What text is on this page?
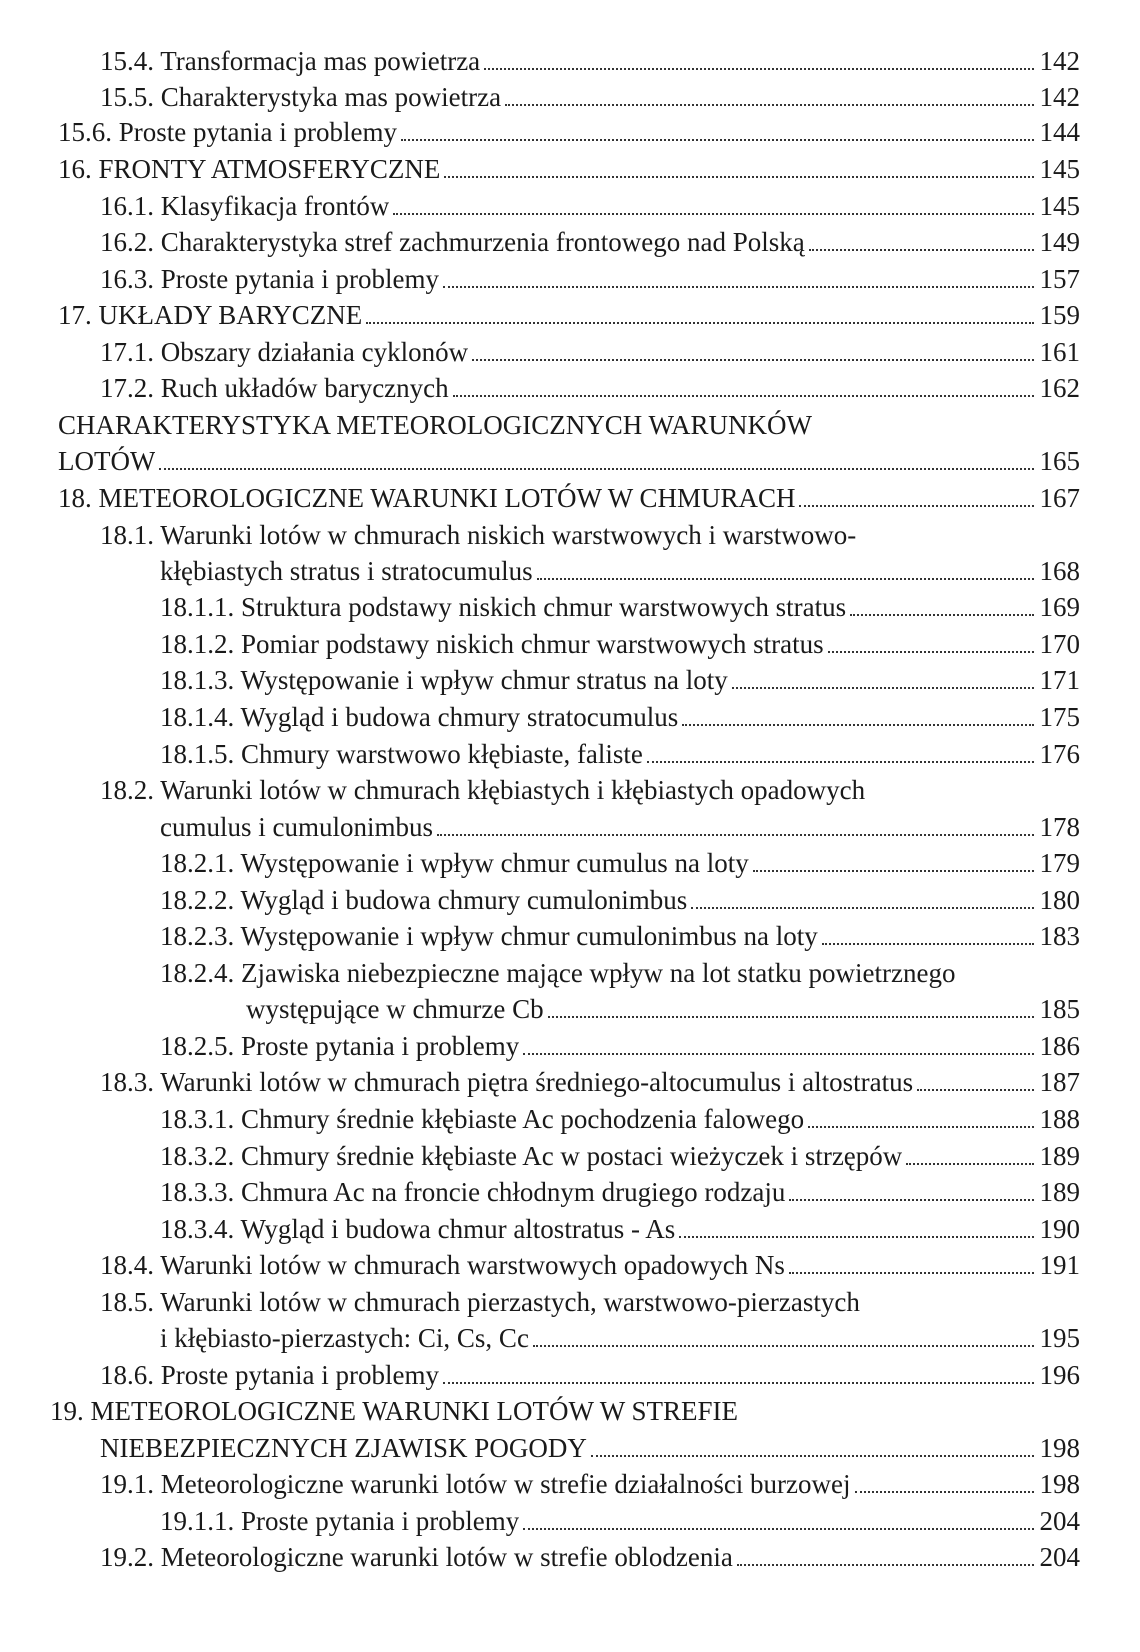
15.4. Transformacja mas powietrza	142
15.5. Charakterystyka mas powietrza	142
15.6. Proste pytania i problemy	144
16. FRONTY ATMOSFERYCZNE	145
16.1. Klasyfikacja frontów	145
16.2. Charakterystyka stref zachmurzenia frontowego nad Polską	149
16.3. Proste pytania i problemy	157
17. UKŁADY BARYCZNE	159
17.1. Obszary działania cyklonów	161
17.2. Ruch układów barycznych	162
CHARAKTERYSTYKA METEOROLOGICZNYCH WARUNKÓW
LOTÓW	165
18. METEOROLOGICZNE WARUNKI LOTÓW W CHMURACH	167
18.1. Warunki lotów w chmurach niskich warstwowych i warstwowo-
kłębiastych stratus i stratocumulus	168
18.1.1. Struktura podstawy niskich chmur warstwowych stratus	169
18.1.2. Pomiar podstawy niskich chmur warstwowych stratus	170
18.1.3. Występowanie i wpływ chmur stratus na loty	171
18.1.4. Wygląd i budowa chmury stratocumulus	175
18.1.5. Chmury warstwowo kłębiaste, faliste	176
18.2. Warunki lotów w chmurach kłębiastych i kłębiastych opadowych
cumulus i cumulonimbus	178
18.2.1. Występowanie i wpływ chmur cumulus na loty	179
18.2.2. Wygląd i budowa chmury cumulonimbus	180
18.2.3. Występowanie i wpływ chmur cumulonimbus na loty	183
18.2.4. Zjawiska niebezpieczne mające wpływ na lot statku powietrznego
występujące w chmurze Cb	185
18.2.5. Proste pytania i problemy	186
18.3. Warunki lotów w chmurach piętra średniego-altocumulus i altostratus	187
18.3.1. Chmury średnie kłębiaste Ac pochodzenia falowego	188
18.3.2. Chmury średnie kłębiaste Ac w postaci wieżyczek i strzępów	189
18.3.3. Chmura Ac na froncie chłodnym drugiego rodzaju	189
18.3.4. Wygląd i budowa chmur altostratus - As	190
18.4. Warunki lotów w chmurach warstwowych opadowych Ns	191
18.5. Warunki lotów w chmurach pierzastych, warstwowo-pierzastych
i kłębiasto-pierzastych: Ci, Cs, Cc	195
18.6. Proste pytania i problemy	196
19. METEOROLOGICZNE WARUNKI LOTÓW W STREFIE
NIEBEZPIECZNYCH ZJAWISK POGODY	198
19.1. Meteorologiczne warunki lotów w strefie działalności burzowej	198
19.1.1. Proste pytania i problemy	204
19.2. Meteorologiczne warunki lotów w strefie oblodzenia	204
